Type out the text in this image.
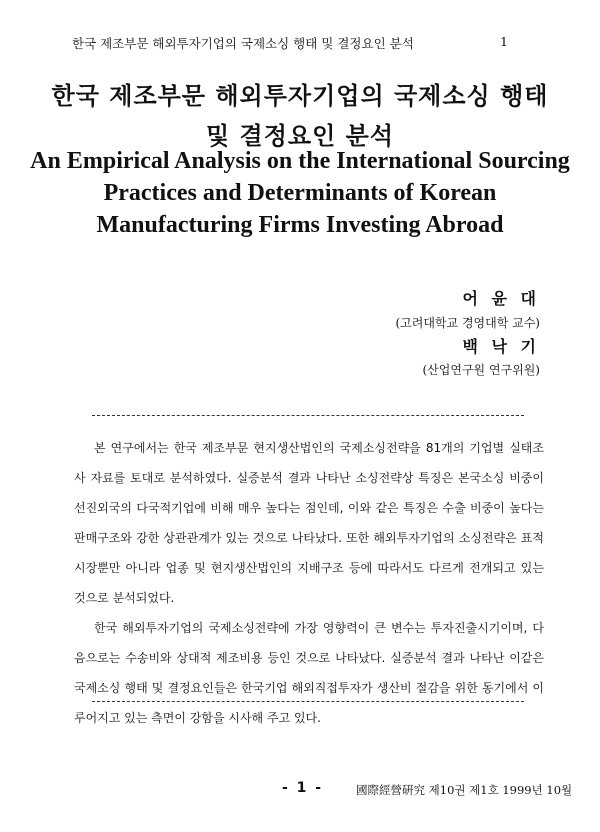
한국 제조부문 해외투자기업의 국제소싱 행태 및 결정요인 분석	1
한국 제조부문 해외투자기업의 국제소싱 행태
및 결정요인 분석
An Empirical Analysis on the International Sourcing
Practices and Determinants of Korean
Manufacturing Firms Investing Abroad
어 윤 대
(고려대학교 경영대학 교수)
백 낙 기
(산업연구원 연구위원)

본 연구에서는 한국 제조부문 현지생산법인의 국제소싱전략을 81개의 기업별 실태조사 자료를 토대로 분석하였다. 실증분석 결과 나타난 소싱전략상 특징은 본국소싱 비중이 선진외국의 다국적기업에 비해 매우 높다는 점인데, 이와 같은 특징은 수출 비중이 높다는 판매구조와 강한 상관관계가 있는 것으로 나타났다. 또한 해외투자기업의 소싱전략은 표적시장뿐만 아니라 업종 및 현지생산법인의 지배구조 등에 따라서도 다르게 전개되고 있는 것으로 분석되었다.

한국 해외투자기업의 국제소싱전략에 가장 영향력이 큰 변수는 투자진출시기이며, 다음으로는 수송비와 상대적 제조비용 등인 것으로 나타났다. 실증분석 결과 나타난 이같은 국제소싱 행태 및 결정요인들은 한국기업 해외직접투자가 생산비 절감을 위한 동기에서 이루어지고 있는 측면이 강함을 시사해 주고 있다.

- 1 -	國際經營硏究 제10권 제1호 1999년 10월
